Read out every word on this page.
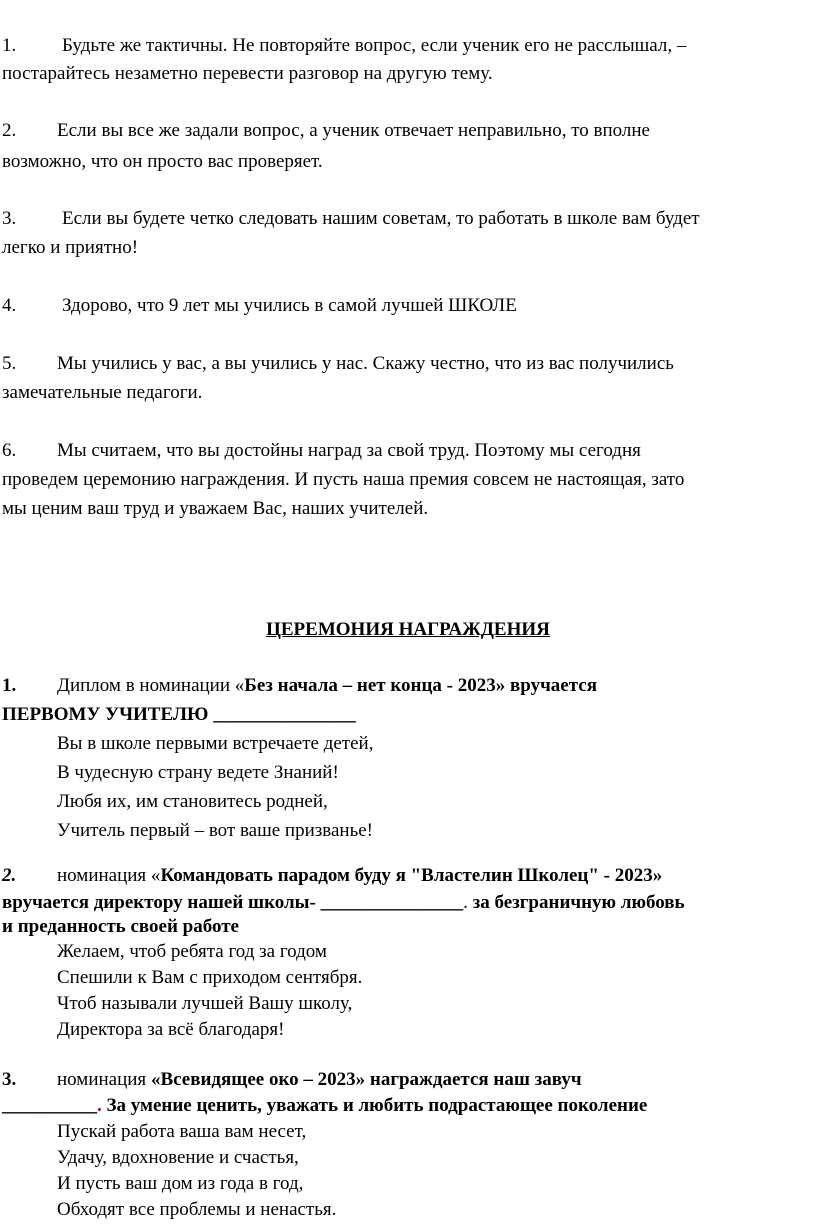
1. Будьте же тактичны. Не повторяйте вопрос, если ученик его не расслышал, –
постарайтесь незаметно перевести разговор на другую тему.
2. Если вы все же задали вопрос, а ученик отвечает неправильно, то вполне
возможно, что он просто вас проверяет.
3. Если вы будете четко следовать нашим советам, то работать в школе вам будет
легко и приятно!
4. Здорово, что 9 лет мы учились в самой лучшей ШКОЛЕ
5. Мы учились у вас, а вы учились у нас. Скажу честно, что из вас получились
замечательные педагоги.
6. Мы считаем, что вы достойны наград за свой труд. Поэтому мы сегодня
проведем церемонию награждения. И пусть наша премия совсем не настоящая, зато
мы ценим ваш труд и уважаем Вас, наших учителей.
ЦЕРЕМОНИЯ НАГРАЖДЕНИЯ
1. Диплом в номинации «Без начала – нет конца - 2023» вручается
ПЕРВОМУ УЧИТЕЛЮ _______________
Вы в школе первыми встречаете детей,
В чудесную страну ведете Знаний!
Любя их, им становитесь родней,
Учитель первый – вот ваше призванье!
2. номинация «Командовать парадом буду я "Властелин Школец" - 2023»
вручается директору нашей школы- _______________. за безграничную любовь
и преданность своей работе
Желаем, чтоб ребята год за годом
Спешили к Вам с приходом сентября.
Чтоб называли лучшей Вашу школу,
Директора за всё благодаря!
3. номинация «Всевидящее око – 2023» награждается наш завуч
__________. За умение ценить, уважать и любить подрастающее поколение
Пускай работа ваша вам несет,
Удачу, вдохновение и счастья,
И пусть ваш дом из года в год,
Обходят все проблемы и ненастья.
